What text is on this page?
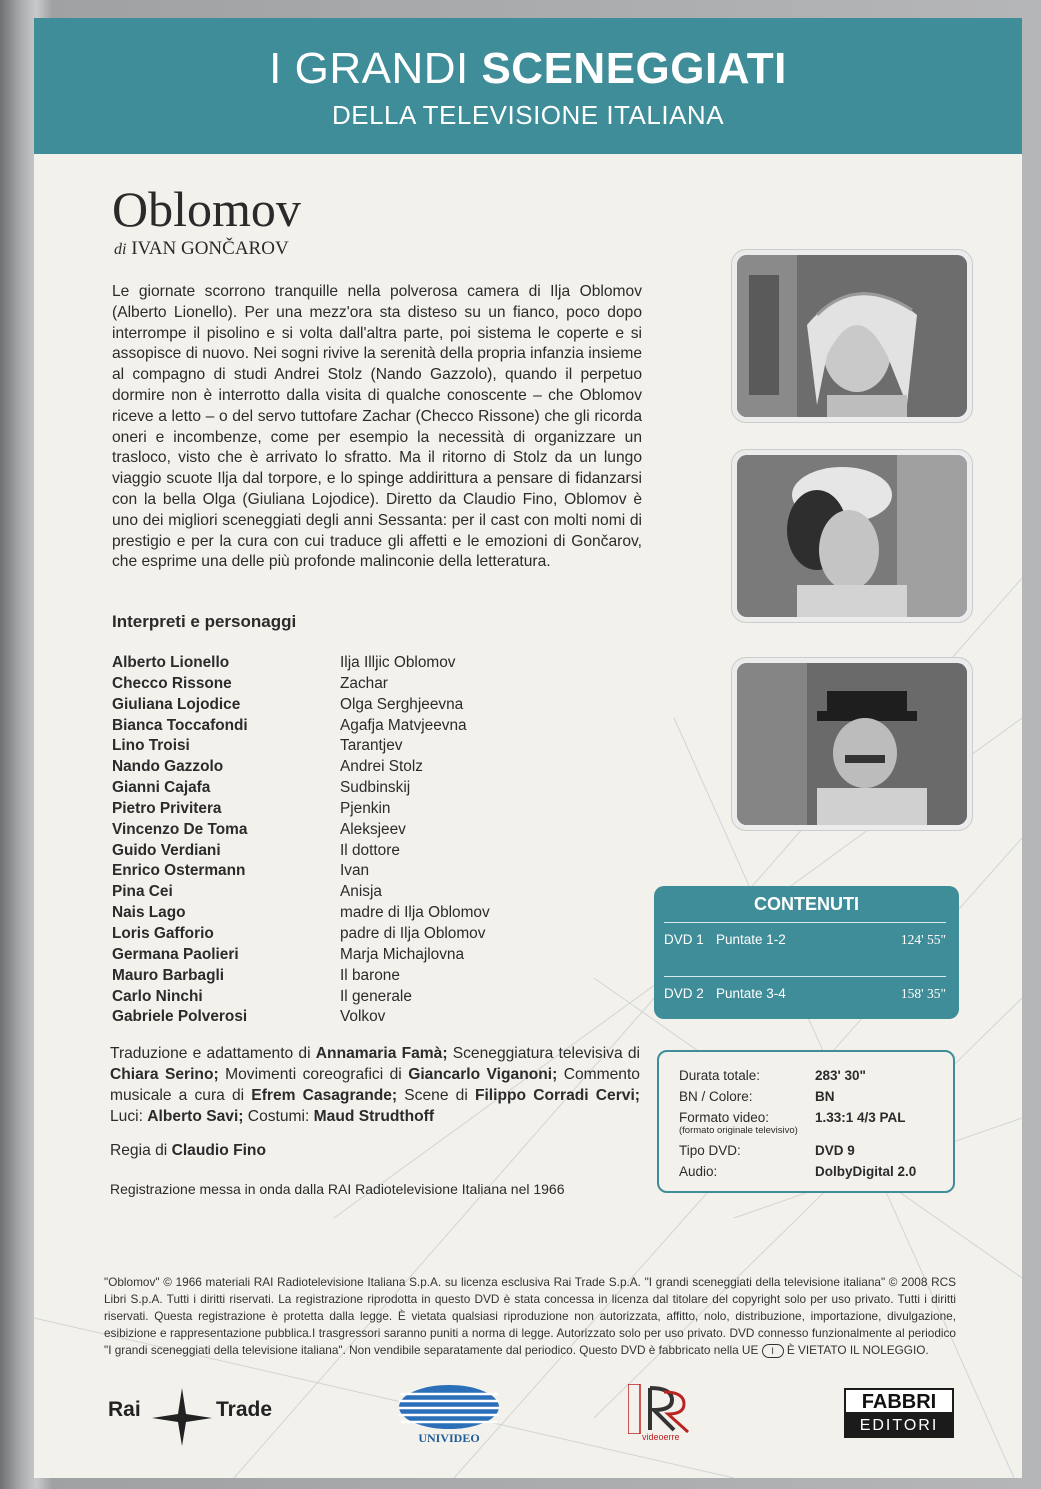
I GRANDI SCENEGGIATI
DELLA TELEVISIONE ITALIANA
Oblomov
di IVAN GONČAROV
Le giornate scorrono tranquille nella polverosa camera di Ilja Oblomov (Alberto Lionello). Per una mezz'ora sta disteso su un fianco, poco dopo interrompe il pisolino e si volta dall'altra parte, poi sistema le coperte e si assopisce di nuovo. Nei sogni rivive la serenità della propria infanzia insieme al compagno di studi Andrei Stolz (Nando Gazzolo), quando il perpetuo dormire non è interrotto dalla visita di qualche conoscente – che Oblomov riceve a letto – o del servo tuttofare Zachar (Checco Rissone) che gli ricorda oneri e incombenze, come per esempio la necessità di organizzare un trasloco, visto che è arrivato lo sfratto. Ma il ritorno di Stolz da un lungo viaggio scuote Ilja dal torpore, e lo spinge addirittura a pensare di fidanzarsi con la bella Olga (Giuliana Lojodice). Diretto da Claudio Fino, Oblomov è uno dei migliori sceneggiati degli anni Sessanta: per il cast con molti nomi di prestigio e per la cura con cui traduce gli affetti e le emozioni di Gončarov, che esprime una delle più profonde malinconie della letteratura.
Interpreti e personaggi
Alberto Lionello	Ilja Illjic Oblomov
Checco Rissone	Zachar
Giuliana Lojodice	Olga Serghjeevna
Bianca Toccafondi	Agafja Matvjeevna
Lino Troisi	Tarantjev
Nando Gazzolo	Andrei Stolz
Gianni Cajafa	Sudbinskij
Pietro Privitera	Pjenkin
Vincenzo De Toma	Aleksjeev
Guido Verdiani	Il dottore
Enrico Ostermann	Ivan
Pina Cei	Anisja
Nais Lago	madre di Ilja Oblomov
Loris Gafforio	padre di Ilja Oblomov
Germana Paolieri	Marja Michajlovna
Mauro Barbagli	Il barone
Carlo Ninchi	Il generale
Gabriele Polverosi	Volkov
Traduzione e adattamento di Annamaria Famà; Sceneggiatura televisiva di Chiara Serino; Movimenti coreografici di Giancarlo Viganoni; Commento musicale a cura di Efrem Casagrande; Scene di Filippo Corradi Cervi; Luci: Alberto Savi; Costumi: Maud Strudthoff
Regia di Claudio Fino
Registrazione messa in onda dalla RAI Radiotelevisione Italiana nel 1966
CONTENUTI
DVD 1 Puntate 1-2	124' 55"
DVD 2 Puntate 3-4	158' 35"
Durata totale:	283' 30"
BN / Colore:	BN
Formato video:	1.33:1 4/3 PAL
(formato originale televisivo)
Tipo DVD:	DVD 9
Audio:	DolbyDigital 2.0
"Oblomov" © 1966 materiali RAI Radiotelevisione Italiana S.p.A. su licenza esclusiva Rai Trade S.p.A. "I grandi sceneggiati della televisione italiana" © 2008 RCS Libri S.p.A. Tutti i diritti riservati. La registrazione riprodotta in questo DVD è stata concessa in licenza dal titolare del copyright solo per uso privato. Tutti i diritti riservati. Questa registrazione è protetta dalla legge. È vietata qualsiasi riproduzione non autorizzata, affitto, nolo, distribuzione, importazione, divulgazione, esibizione e rappresentazione pubblica.I trasgressori saranno puniti a norma di legge. Autorizzato solo per uso privato. DVD connesso funzionalmente al periodico "I grandi sceneggiati della televisione italiana". Non vendibile separatamente dal periodico. Questo DVD è fabbricato nella UE I È VIETATO IL NOLEGGIO.
Rai	Trade
UNIVIDEO	videoerre
FABBRI
EDITORI
